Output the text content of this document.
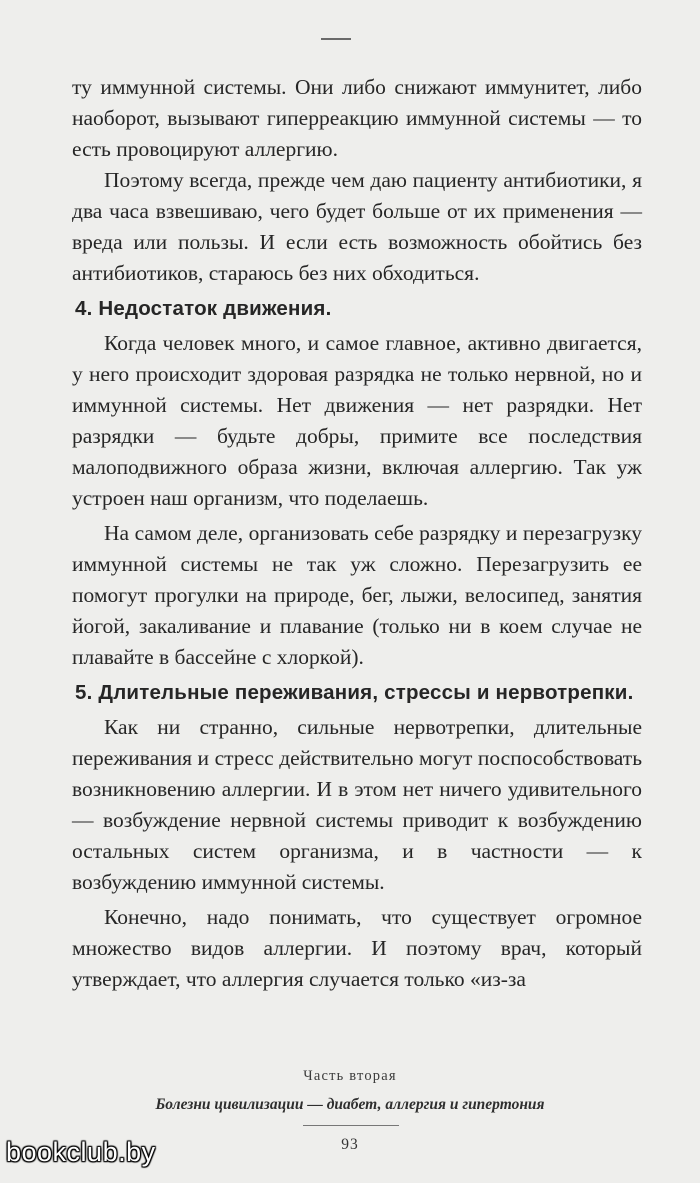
ту иммунной системы. Они либо снижают иммунитет, либо наоборот, вызывают гиперреакцию иммунной системы — то есть провоцируют аллергию.

Поэтому всегда, прежде чем даю пациенту антибиотики, я два часа взвешиваю, чего будет больше от их применения — вреда или пользы. И если есть возможность обойтись без антибиотиков, стараюсь без них обходиться.

4. Недостаток движения.

Когда человек много, и самое главное, активно двигается, у него происходит здоровая разрядка не только нервной, но и иммунной системы. Нет движения — нет разрядки. Нет разрядки — будьте добры, примите все последствия малоподвижного образа жизни, включая аллергию. Так уж устроен наш организм, что поделаешь.

На самом деле, организовать себе разрядку и перезагрузку иммунной системы не так уж сложно. Перезагрузить ее помогут прогулки на природе, бег, лыжи, велосипед, занятия йогой, закаливание и плавание (только ни в коем случае не плавайте в бассейне с хлоркой).

5. Длительные переживания, стрессы и нервотрепки.

Как ни странно, сильные нервотрепки, длительные переживания и стресс действительно могут поспособствовать возникновению аллергии. И в этом нет ничего удивительного — возбуждение нервной системы приводит к возбуждению остальных систем организма, и в частности — к возбуждению иммунной системы.

Конечно, надо понимать, что существует огромное множество видов аллергии. И поэтому врач, который утверждает, что аллергия случается только «из-за

Часть вторая
Болезни цивилизации — диабет, аллергия и гипертония
93
bookclub.by
